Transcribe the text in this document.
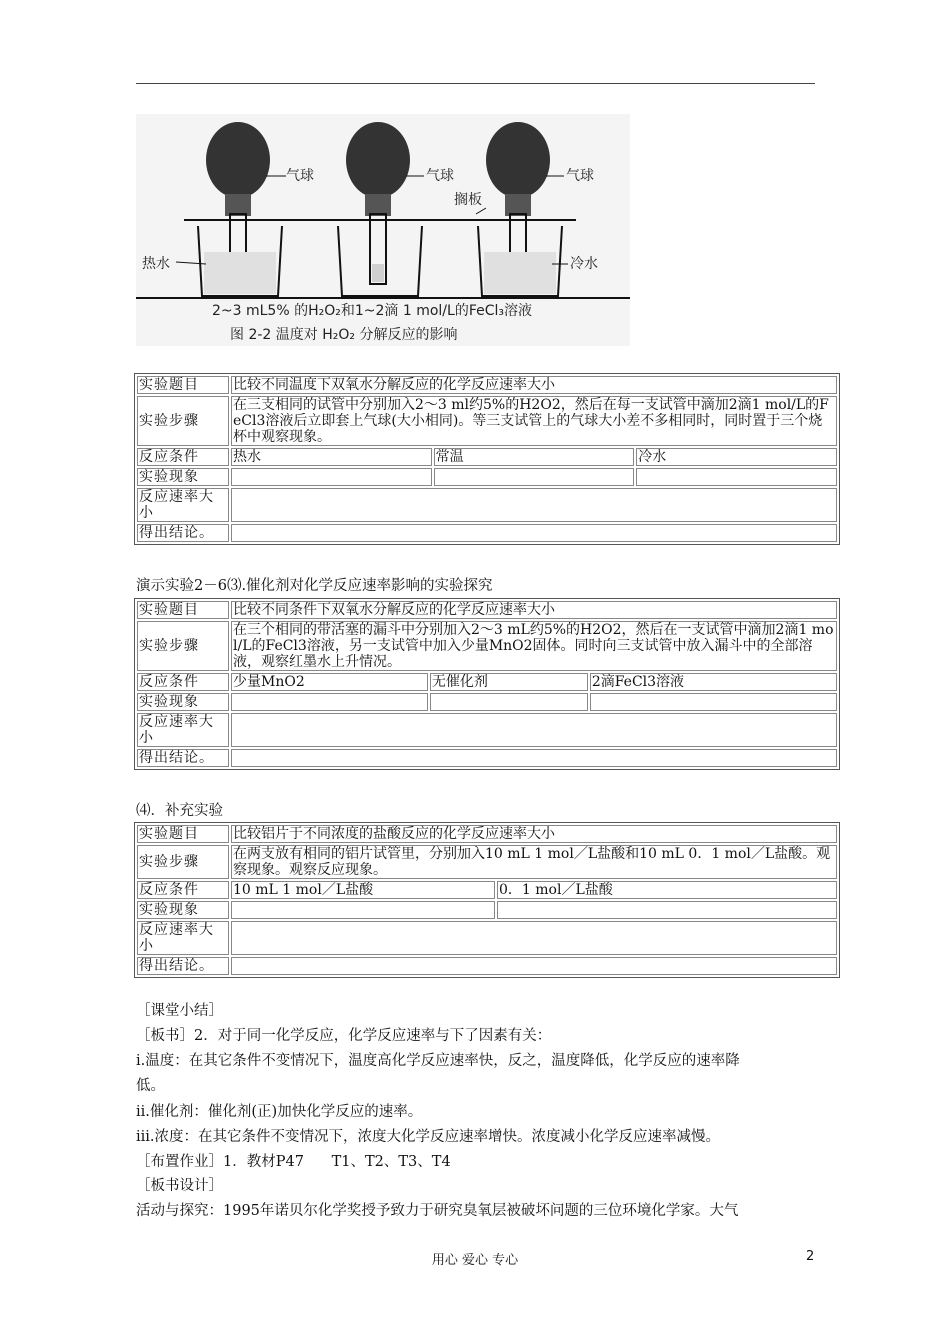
气球	气球	气球
搁板
热水	冷水
2~3 mL5% 的H₂O₂和1~2滴 1 mol/L的FeCl₃溶液
图 2-2 温度对 H₂O₂ 分解反应的影响
实验题目	比较不同温度下双氧水分解反应的化学反应速率大小		
实验步骤	在三支相同的试管中分别加入2～3 ml约5%的H2O2，然后在每一支试管中滴加2滴1 mol/L的FeCl3溶液后立即套上气球(大小相同)。等三支试管上的气球大小差不多相同时，同时置于三个烧杯中观察现象。		
反应条件	热水	常温	冷水
实验现象			
反应速率大小			
得出结论。			
演示实验2－6⑶.催化剂对化学反应速率影响的实验探究
实验题目	比较不同条件下双氧水分解反应的化学反应速率大小		
实验步骤	在三个相同的带活塞的漏斗中分别加入2～3 mL约5%的H2O2，然后在一支试管中滴加2滴1 mol/L的FeCl3溶液，另一支试管中加入少量MnO2固体。同时向三支试管中放入漏斗中的全部溶液，观察红墨水上升情况。		
反应条件	少量MnO2	无催化剂	2滴FeCl3溶液
实验现象			
反应速率大小			
得出结论。			
⑷．补充实验
实验题目	比较铝片于不同浓度的盐酸反应的化学反应速率大小	
实验步骤	在两支放有相同的铝片试管里，分别加入10 mL 1 mol／L盐酸和10 mL 0．1 mol／L盐酸。观察现象。观察反应现象。	
反应条件	10 mL 1 mol／L盐酸	0．1 mol／L盐酸
实验现象		
反应速率大小		
得出结论。		
［课堂小结］
［板书］2．对于同一化学反应，化学反应速率与下了因素有关：
i.温度：在其它条件不变情况下，温度高化学反应速率快，反之，温度降低，化学反应的速率降
低。
ii.催化剂：催化剂(正)加快化学反应的速率。
iii.浓度：在其它条件不变情况下，浓度大化学反应速率增快。浓度减小化学反应速率减慢。
［布置作业］1．教材P47      T1、T2、T3、T4
［板书设计］
活动与探究：1995年诺贝尔化学奖授予致力于研究臭氧层被破坏问题的三位环境化学家。大气
用心 爱心 专心	2
